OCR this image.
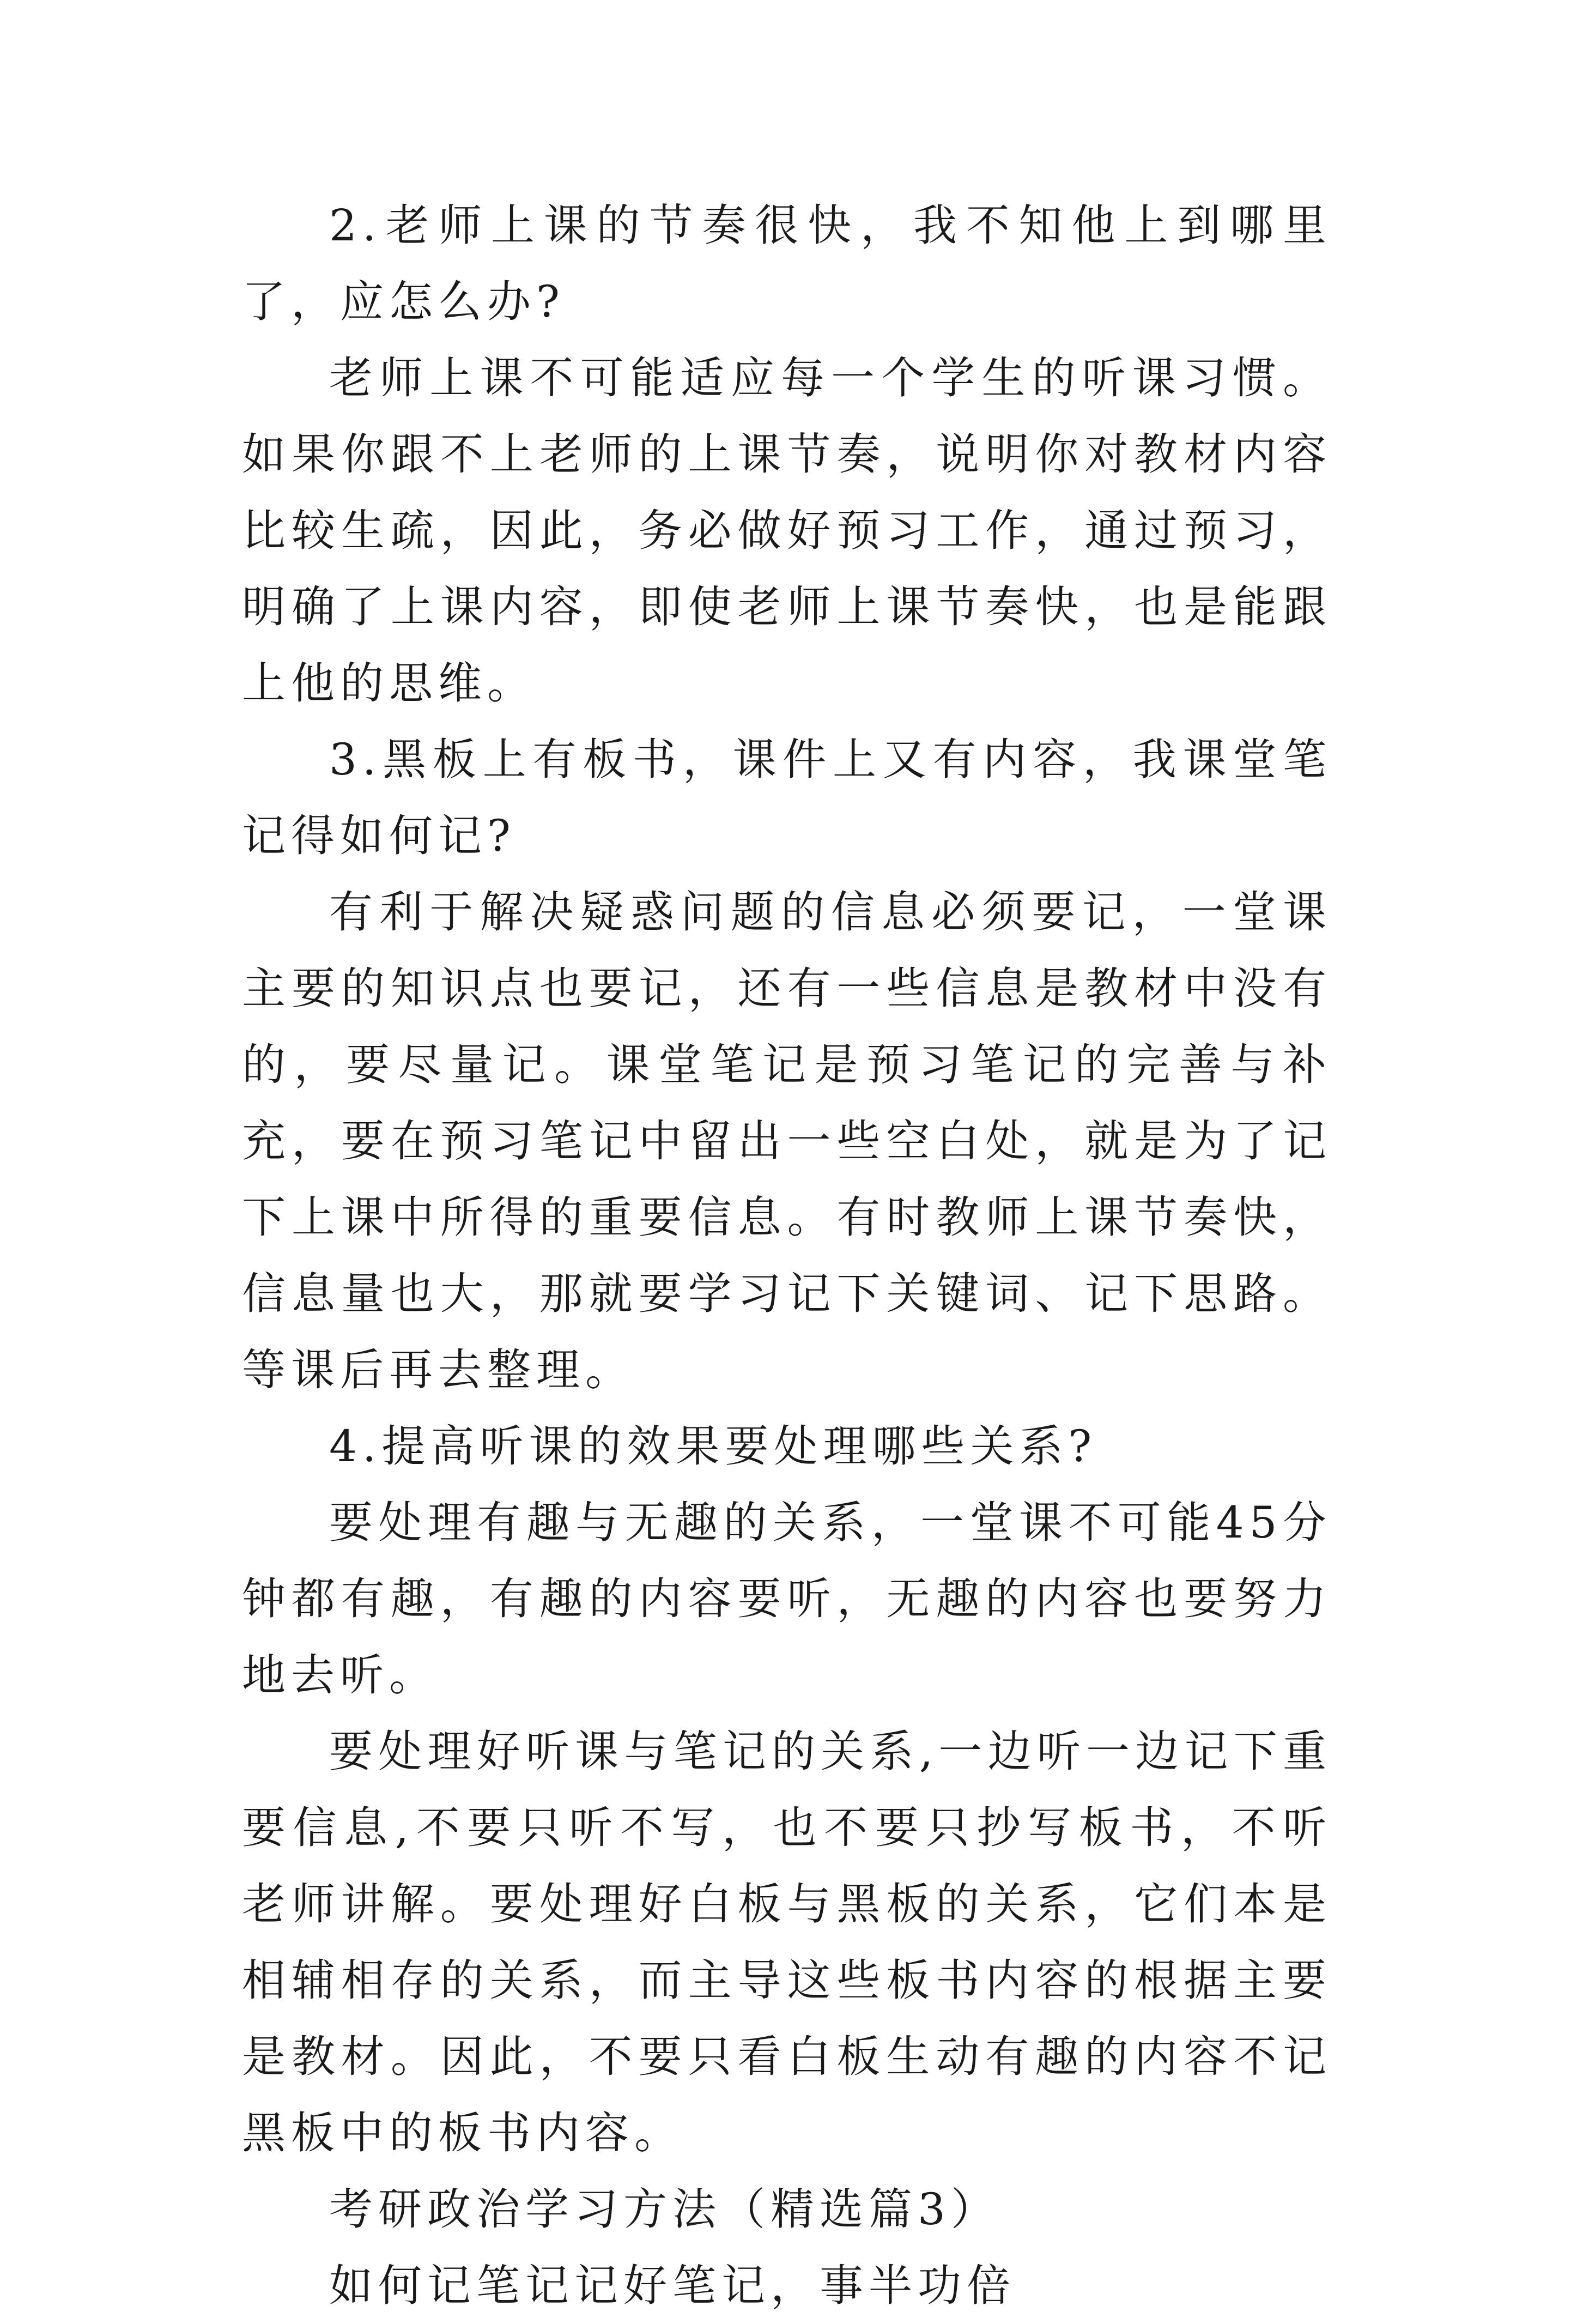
2.老师上课的节奏很快，我不知他上到哪里了，应怎么办?

老师上课不可能适应每一个学生的听课习惯。如果你跟不上老师的上课节奏，说明你对教材内容比较生疏，因此，务必做好预习工作，通过预习，明确了上课内容，即使老师上课节奏快，也是能跟上他的思维。

3.黑板上有板书，课件上又有内容，我课堂笔记得如何记?

有利于解决疑惑问题的信息必须要记，一堂课主要的知识点也要记，还有一些信息是教材中没有的，要尽量记。课堂笔记是预习笔记的完善与补充，要在预习笔记中留出一些空白处，就是为了记下上课中所得的重要信息。有时教师上课节奏快，信息量也大，那就要学习记下关键词、记下思路。等课后再去整理。

4.提高听课的效果要处理哪些关系?

要处理有趣与无趣的关系，一堂课不可能45分钟都有趣，有趣的内容要听，无趣的内容也要努力地去听。

要处理好听课与笔记的关系,一边听一边记下重要信息,不要只听不写，也不要只抄写板书，不听老师讲解。要处理好白板与黑板的关系，它们本是相辅相存的关系，而主导这些板书内容的根据主要是教材。因此，不要只看白板生动有趣的内容不记黑板中的板书内容。

考研政治学习方法（精选篇3）

如何记笔记记好笔记，事半功倍
